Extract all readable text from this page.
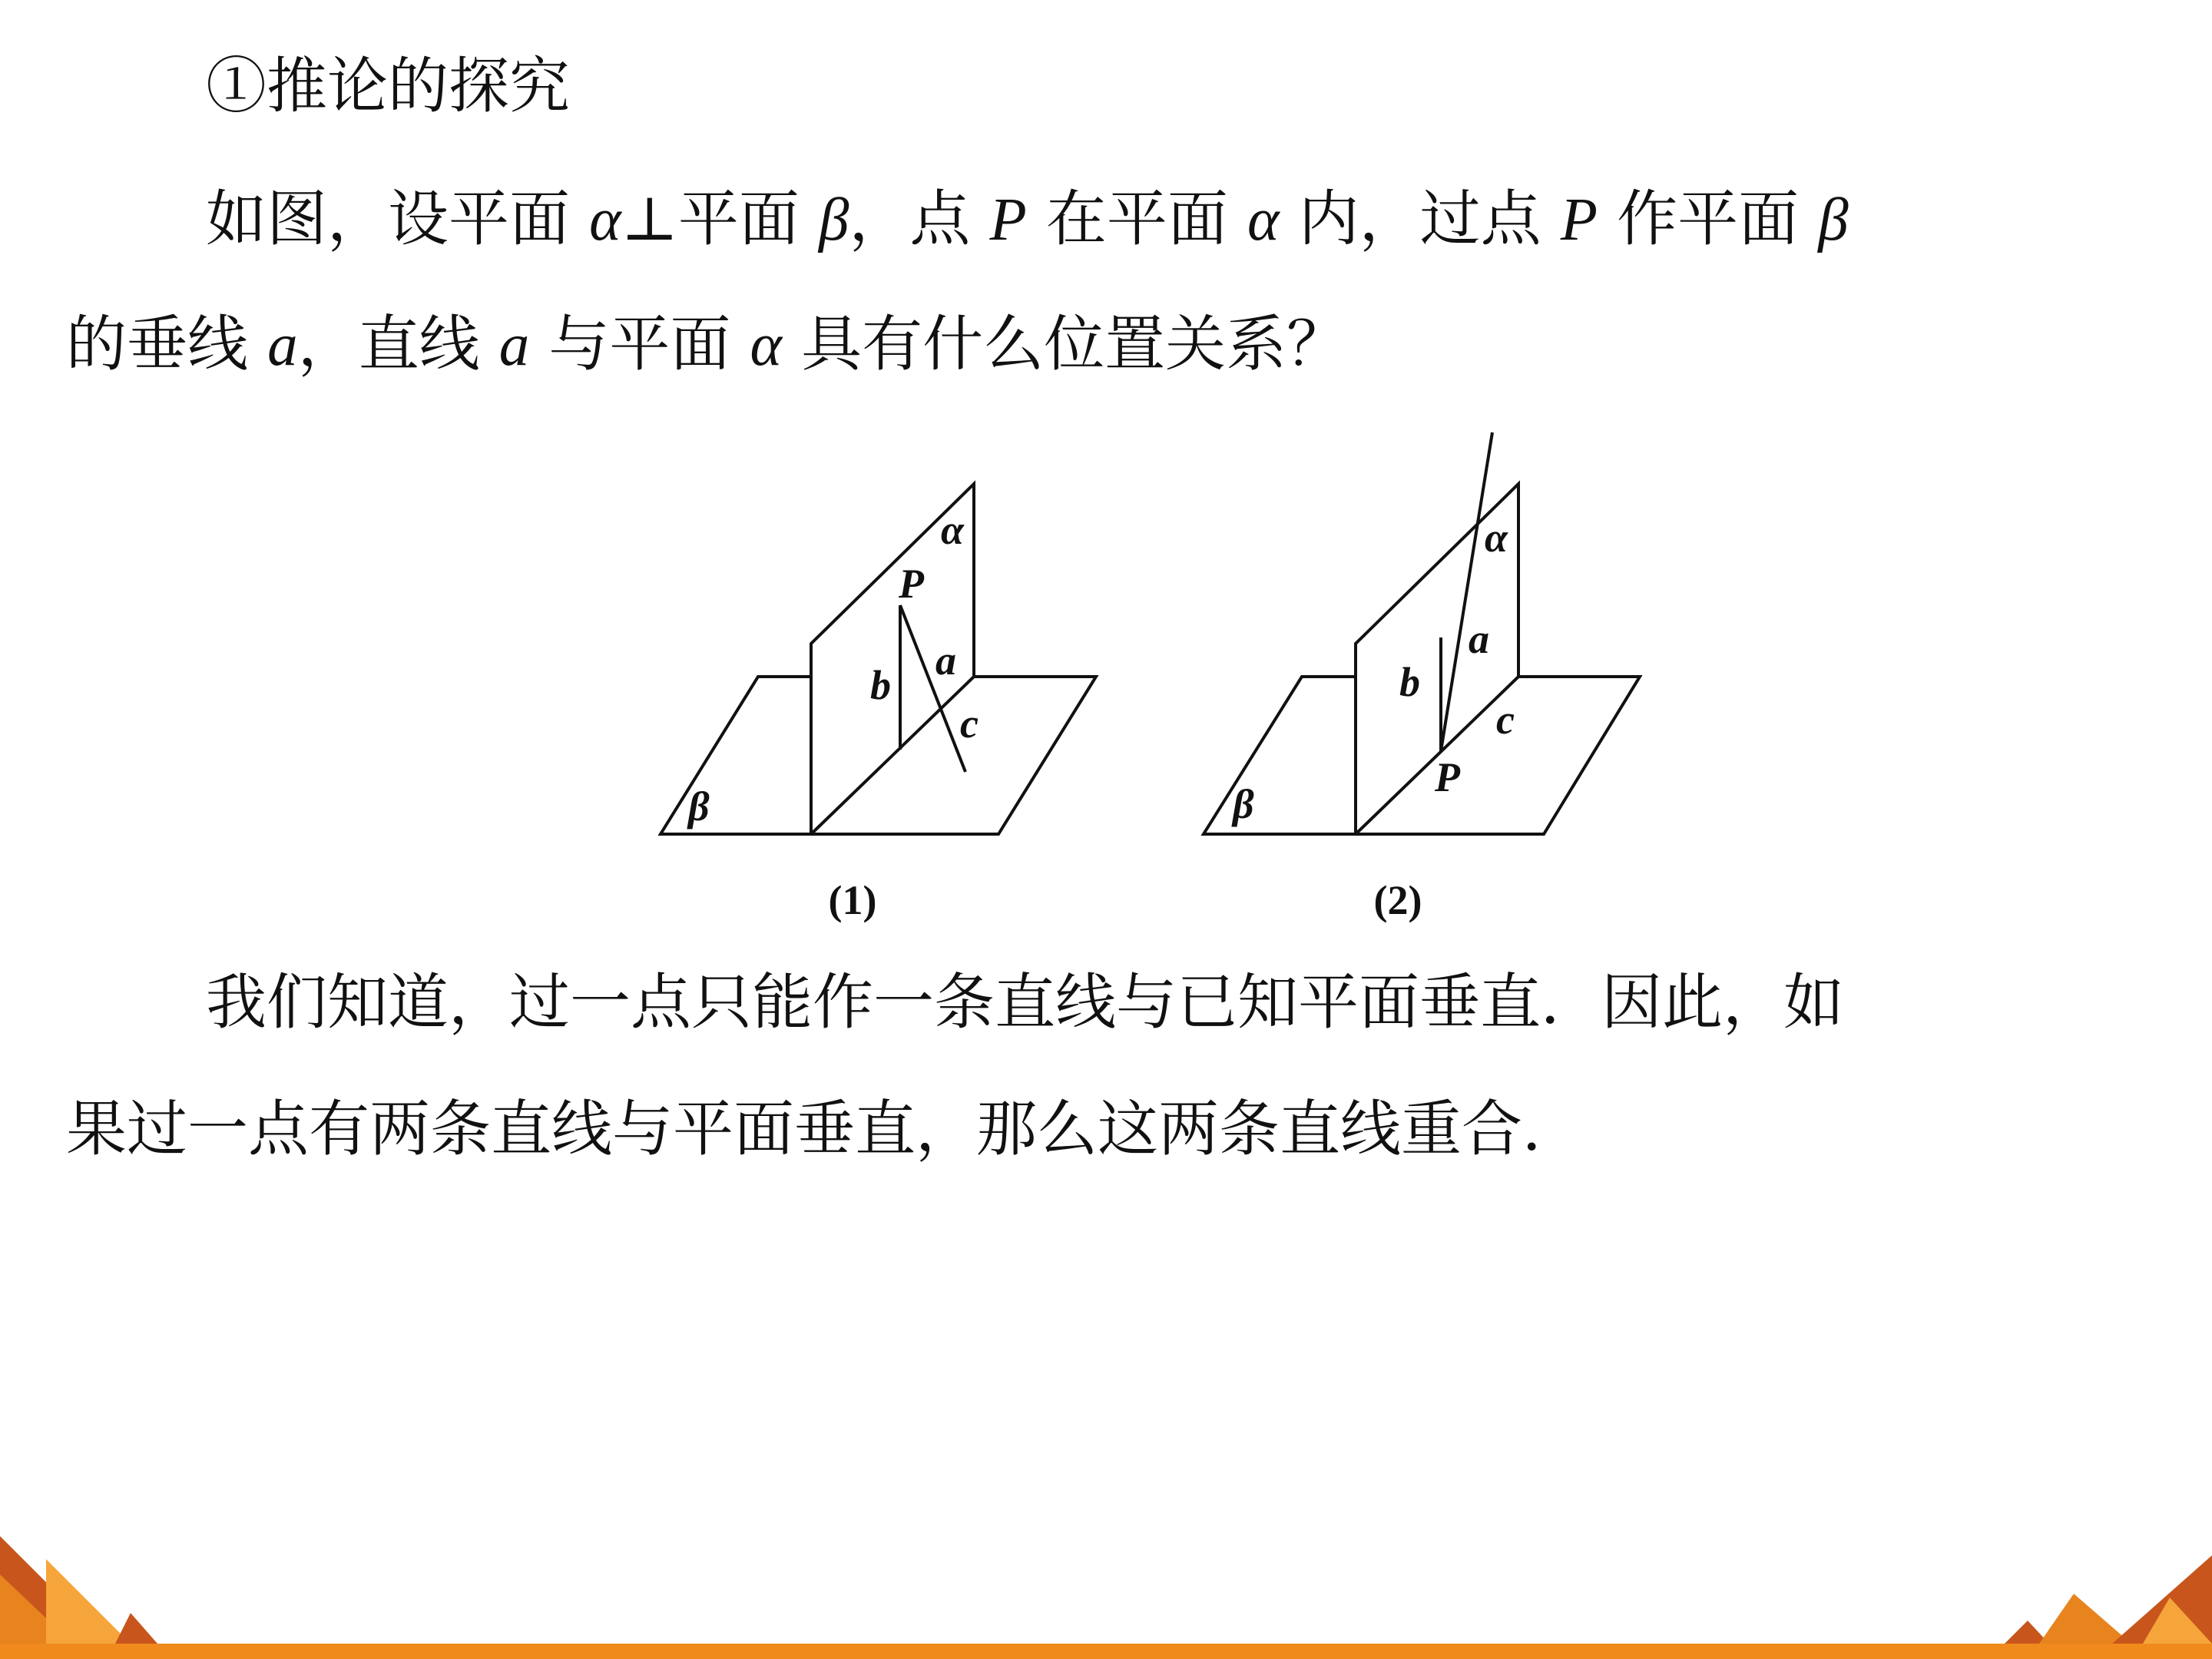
①推论的探究
如图，设平面 α⊥平面 β，点 P 在平面 α 内，过点 P 作平面 β
的垂线 a，直线 a 与平面 α 具有什么位置关系？
α
P
a
b
c
β
α
a
b
c
P
β
(1)	(2)
我们知道，过一点只能作一条直线与已知平面垂直．因此，如
果过一点有两条直线与平面垂直，那么这两条直线重合．
